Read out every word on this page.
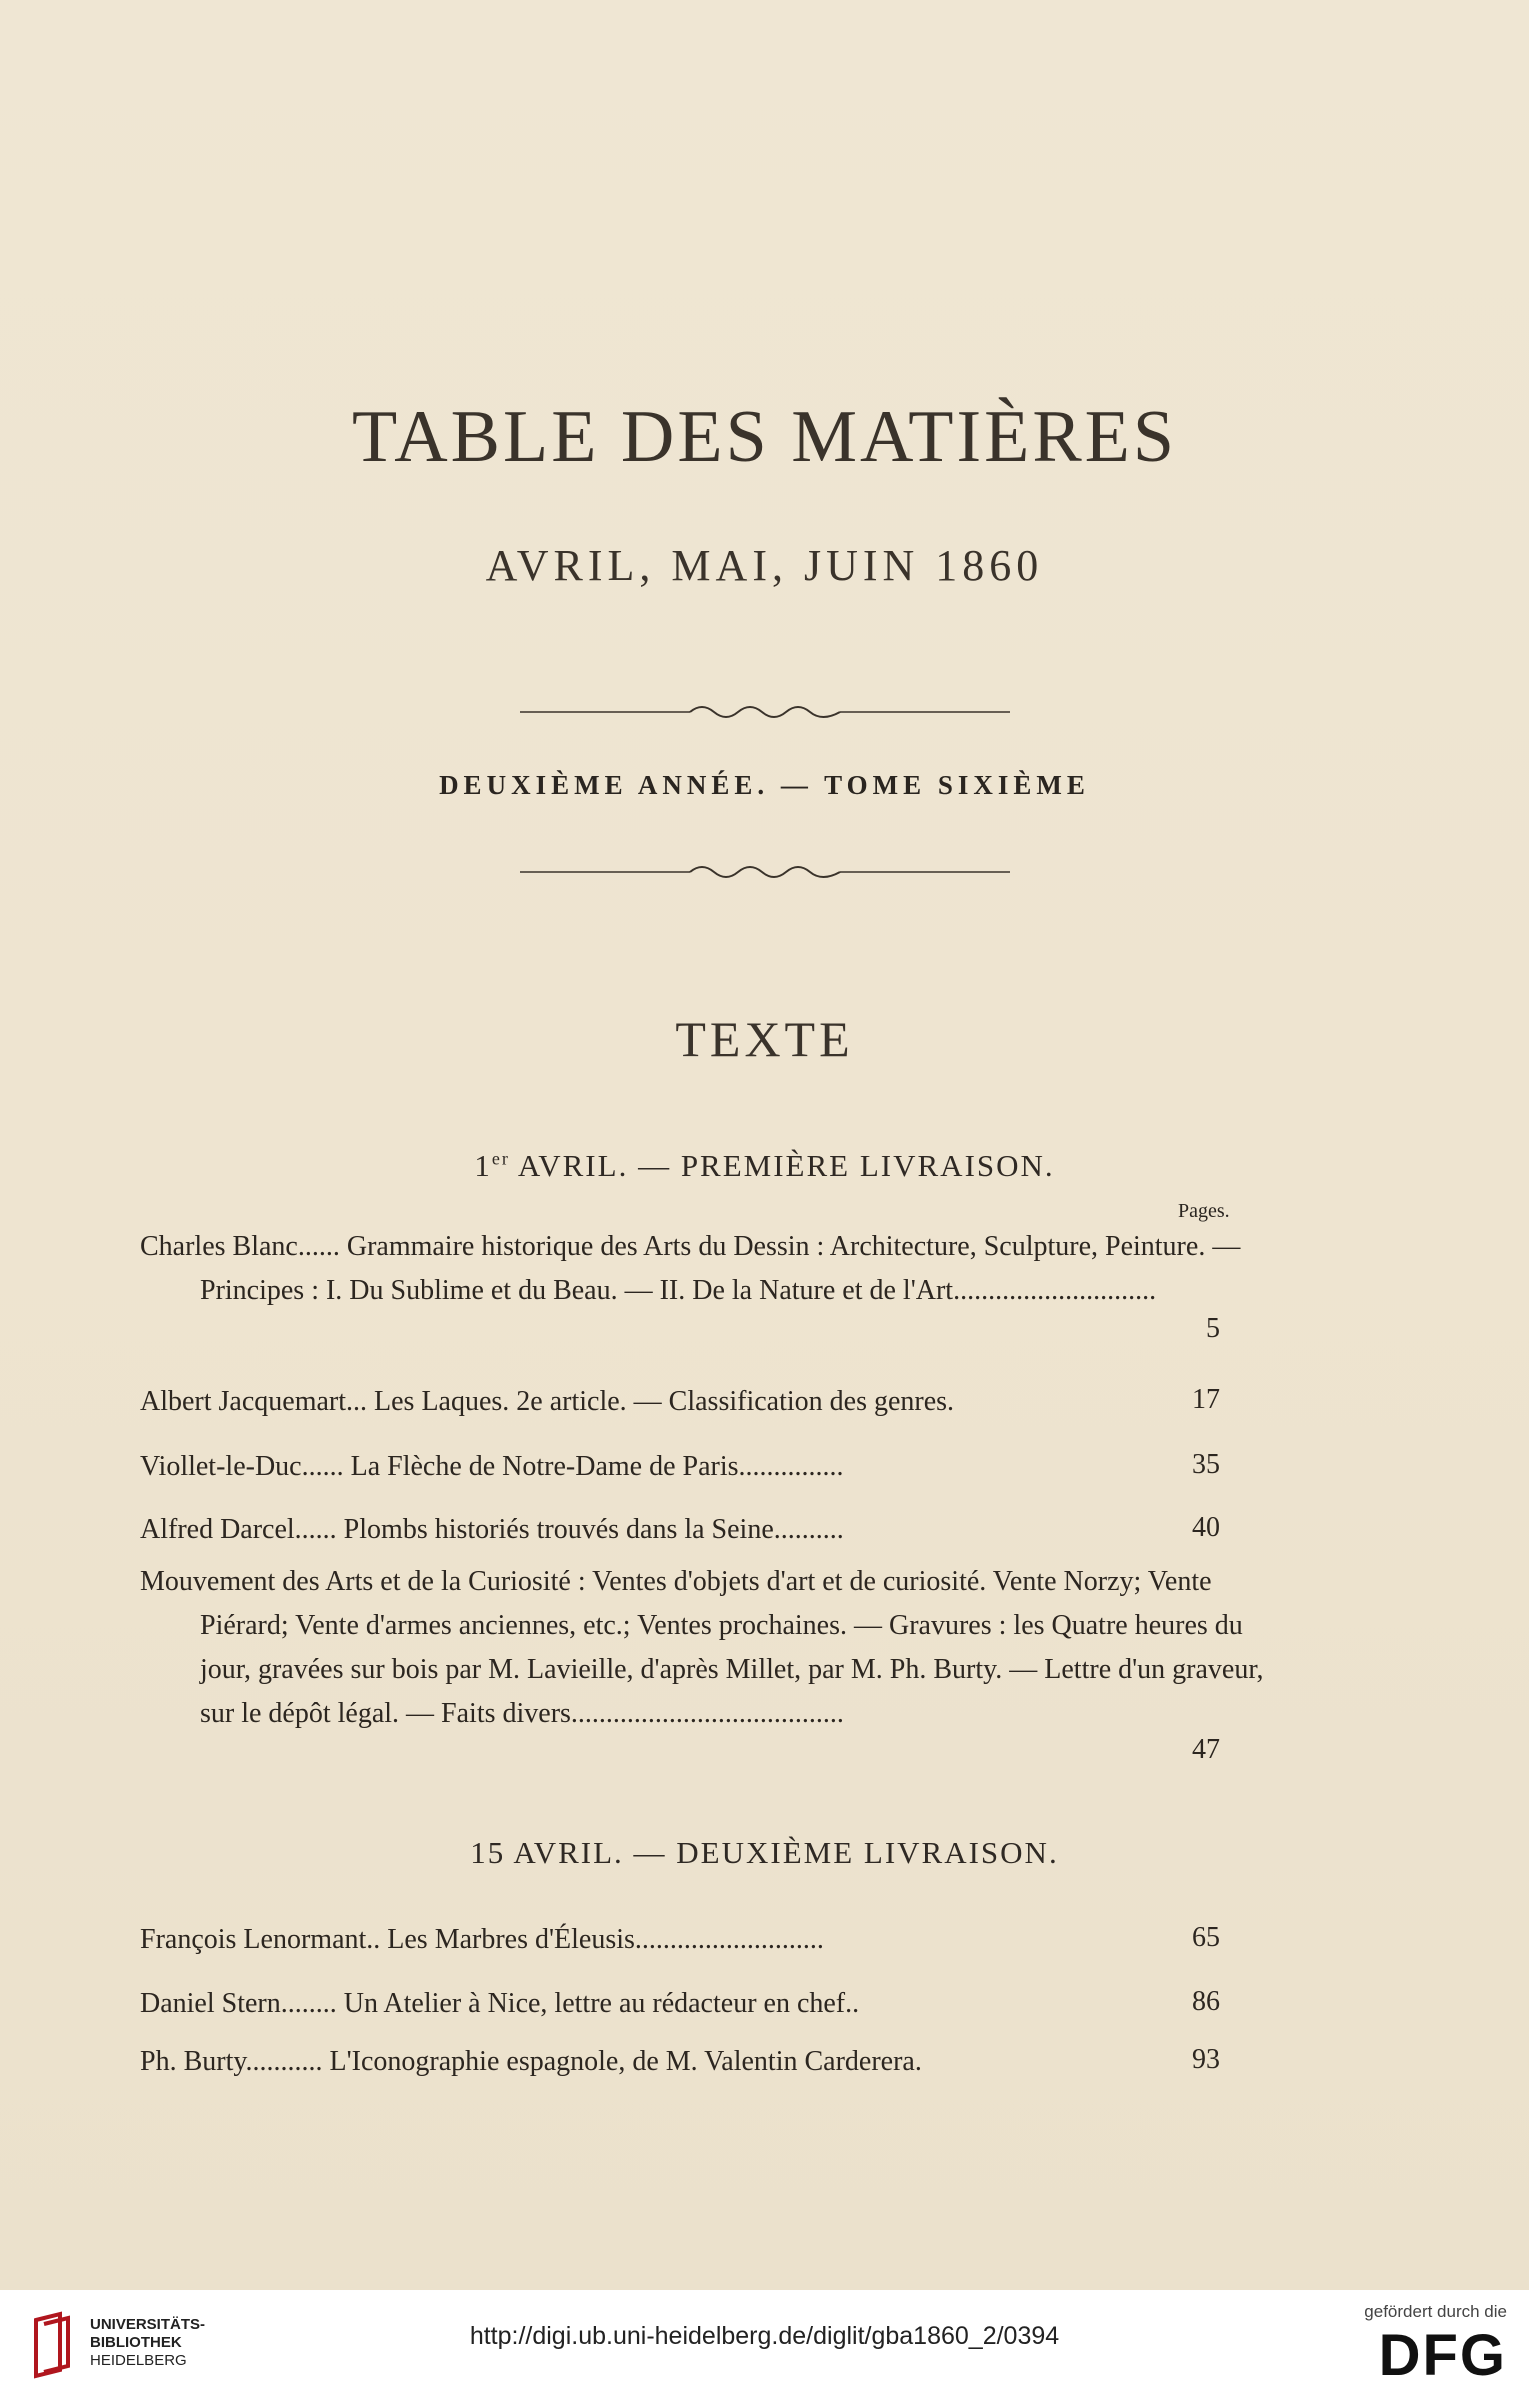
TABLE DES MATIÈRES
AVRIL, MAI, JUIN 1860
DEUXIÈME ANNÉE. — TOME SIXIÈME
TEXTE
1er AVRIL. — PREMIÈRE LIVRAISON.
Pages.
Charles Blanc...... Grammaire historique des Arts du Dessin : Architecture, Sculpture, Peinture. — Principes : I. Du Sublime et du Beau. — II. De la Nature et de l'Art.............................
5
Albert Jacquemart... Les Laques. 2e article. — Classification des genres.	17
Viollet-le-Duc...... La Flèche de Notre-Dame de Paris...............	35
Alfred Darcel...... Plombs historiés trouvés dans la Seine..........	40
Mouvement des Arts et de la Curiosité : Ventes d'objets d'art et de curiosité. Vente Norzy; Vente Piérard; Vente d'armes anciennes, etc.; Ventes prochaines. — Gravures : les Quatre heures du jour, gravées sur bois par M. Lavieille, d'après Millet, par M. Ph. Burty. — Lettre d'un graveur, sur le dépôt légal. — Faits divers.......................................
47
15 AVRIL. — DEUXIÈME LIVRAISON.
François Lenormant.. Les Marbres d'Éleusis...........................	65
Daniel Stern........ Un Atelier à Nice, lettre au rédacteur en chef..	86
Ph. Burty........... L'Iconographie espagnole, de M. Valentin Carderera.	93
UNIVERSITÄTS-
BIBLIOTHEK
HEIDELBERG
http://digi.ub.uni-heidelberg.de/diglit/gba1860_2/0394
gefördert durch die
DFG
